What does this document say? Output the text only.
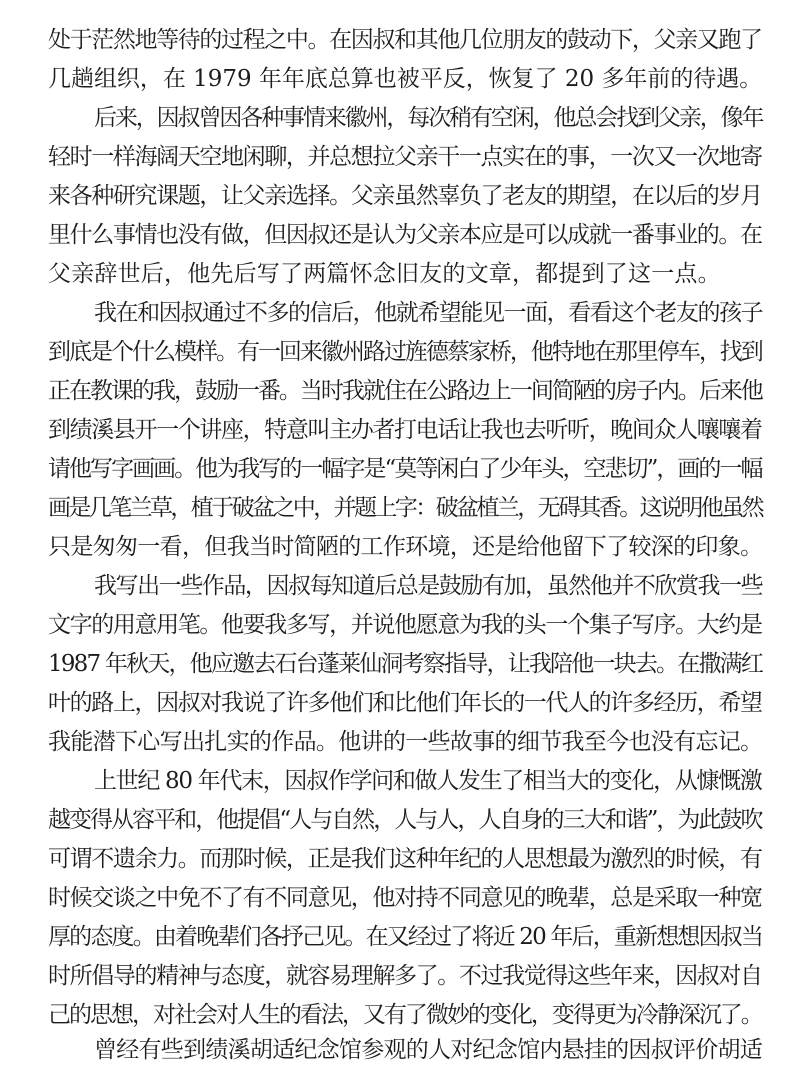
处于茫然地等待的过程之中。在因叔和其他几位朋友的鼓动下，父亲又跑了
几趟组织，在 1979 年年底总算也被平反，恢复了 20 多年前的待遇。
后来，因叔曾因各种事情来徽州，每次稍有空闲，他总会找到父亲，像年
轻时一样海阔天空地闲聊，并总想拉父亲干一点实在的事，一次又一次地寄
来各种研究课题，让父亲选择。父亲虽然辜负了老友的期望，在以后的岁月
里什么事情也没有做，但因叔还是认为父亲本应是可以成就一番事业的。在
父亲辞世后，他先后写了两篇怀念旧友的文章，都提到了这一点。
我在和因叔通过不多的信后，他就希望能见一面，看看这个老友的孩子
到底是个什么模样。有一回来徽州路过旌德蔡家桥，他特地在那里停车，找到
正在教课的我，鼓励一番。当时我就住在公路边上一间简陋的房子内。后来他
到绩溪县开一个讲座，特意叫主办者打电话让我也去听听，晚间众人嚷嚷着
请他写字画画。他为我写的一幅字是“莫等闲白了少年头，空悲切”，画的一幅
画是几笔兰草，植于破盆之中，并题上字：破盆植兰，无碍其香。这说明他虽然
只是匆匆一看，但我当时简陋的工作环境，还是给他留下了较深的印象。
我写出一些作品，因叔每知道后总是鼓励有加，虽然他并不欣赏我一些
文字的用意用笔。他要我多写，并说他愿意为我的头一个集子写序。大约是
1987 年秋天，他应邀去石台蓬莱仙洞考察指导，让我陪他一块去。在撒满红
叶的路上，因叔对我说了许多他们和比他们年长的一代人的许多经历，希望
我能潜下心写出扎实的作品。他讲的一些故事的细节我至今也没有忘记。
上世纪 80 年代末，因叔作学问和做人发生了相当大的变化，从慷慨激
越变得从容平和，他提倡“人与自然，人与人，人自身的三大和谐”，为此鼓吹
可谓不遗余力。而那时候，正是我们这种年纪的人思想最为激烈的时候，有
时候交谈之中免不了有不同意见，他对持不同意见的晚辈，总是采取一种宽
厚的态度。由着晚辈们各抒己见。在又经过了将近 20 年后，重新想想因叔当
时所倡导的精神与态度，就容易理解多了。不过我觉得这些年来，因叔对自
己的思想，对社会对人生的看法，又有了微妙的变化，变得更为冷静深沉了。
曾经有些到绩溪胡适纪念馆参观的人对纪念馆内悬挂的因叔评价胡适
